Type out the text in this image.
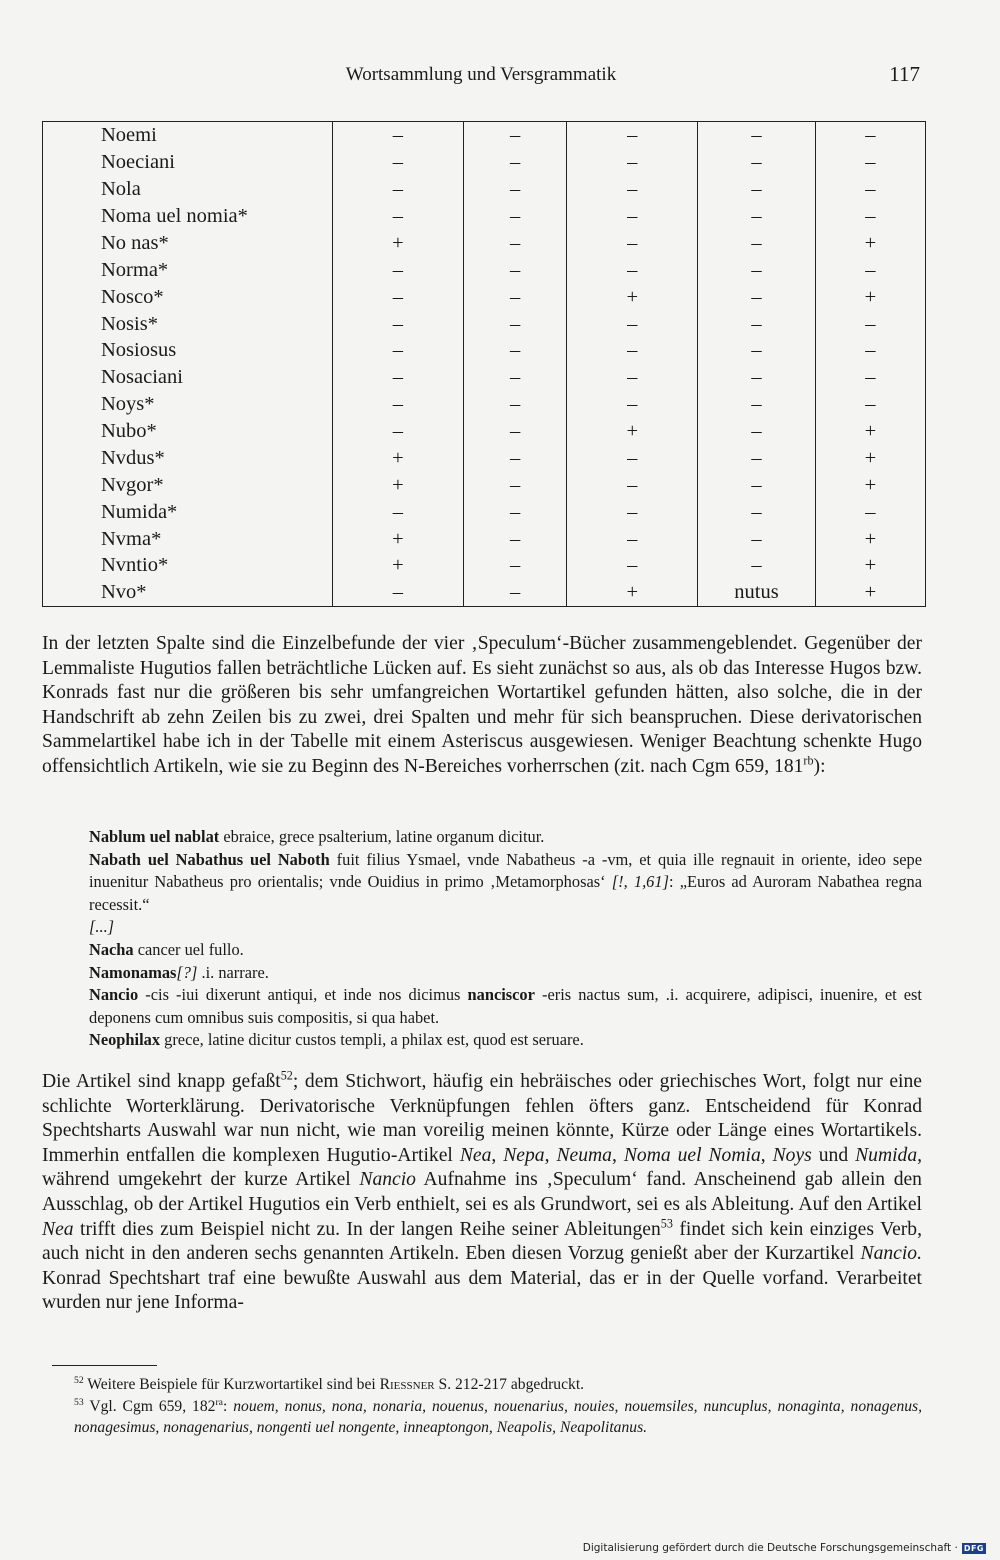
Wortsammlung und Versgrammatik	117
Noemi	–	–	–	–	–
Noeciani	–	–	–	–	–
Nola	–	–	–	–	–
Noma uel nomia*	–	–	–	–	–
No nas*	+	–	–	–	+
Norma*	–	–	–	–	–
Nosco*	–	–	+	–	+
Nosis*	–	–	–	–	–
Nosiosus	–	–	–	–	–
Nosaciani	–	–	–	–	–
Noys*	–	–	–	–	–
Nubo*	–	–	+	–	+
Nvdus*	+	–	–	–	+
Nvgor*	+	–	–	–	+
Numida*	–	–	–	–	–
Nvma*	+	–	–	–	+
Nvntio*	+	–	–	–	+
Nvo*	–	–	+	nutus	+

In der letzten Spalte sind die Einzelbefunde der vier ‚Speculum‘-Bücher zusammengeblendet. Gegenüber der Lemmaliste Hugutios fallen beträchtliche Lücken auf. Es sieht zunächst so aus, als ob das Interesse Hugos bzw. Konrads fast nur die größeren bis sehr umfangreichen Wortartikel gefunden hätten, also solche, die in der Handschrift ab zehn Zeilen bis zu zwei, drei Spalten und mehr für sich beanspruchen. Diese derivatorischen Sammelartikel habe ich in der Tabelle mit einem Asteriscus ausgewiesen. Weniger Beachtung schenkte Hugo offensichtlich Artikeln, wie sie zu Beginn des N-Bereiches vorherrschen (zit. nach Cgm 659, $181^{rb}$):

Nablum uel nablat ebraice, grece psalterium, latine organum dicitur.

Nabath uel Nabathus uel Naboth fuit filius Ysmael, vnde Nabatheus -a -vm, et quia ille regnauit in oriente, ideo sepe inuenitur Nabatheus pro orientalis; vnde Ouidius in primo ‚Metamorphosas‘ [!, 1,61]: „Euros ad Auroram Nabathea regna recessit.“

[...]

Nacha cancer uel fullo.

Namonamas[?] .i. narrare.

Nancio -cis -iui dixerunt antiqui, et inde nos dicimus nanciscor -eris nactus sum, .i. acquirere, adipisci, inuenire, et est deponens cum omnibus suis compositis, si qua habet.

Neophilax grece, latine dicitur custos templi, a philax est, quod est seruare.

Die Artikel sind knapp gefaßt$^{52}$; dem Stichwort, häufig ein hebräisches oder griechisches Wort, folgt nur eine schlichte Worterklärung. Derivatorische Verknüpfungen fehlen öfters ganz. Entscheidend für Konrad Spechtsharts Auswahl war nun nicht, wie man voreilig meinen könnte, Kürze oder Länge eines Wortartikels. Immerhin entfallen die komplexen Hugutio-Artikel Nea, Nepa, Neuma, Noma uel Nomia, Noys und Numida, während umgekehrt der kurze Artikel Nancio Aufnahme ins ‚Speculum‘ fand. Anscheinend gab allein den Ausschlag, ob der Artikel Hugutios ein Verb enthielt, sei es als Grundwort, sei es als Ableitung. Auf den Artikel Nea trifft dies zum Beispiel nicht zu. In der langen Reihe seiner Ableitungen$^{53}$ findet sich kein einziges Verb, auch nicht in den anderen sechs genannten Artikeln. Eben diesen Vorzug genießt aber der Kurzartikel Nancio. Konrad Spechtshart traf eine bewußte Auswahl aus dem Material, das er in der Quelle vorfand. Verarbeitet wurden nur jene Informa-

$^{52}$ Weitere Beispiele für Kurzwortartikel sind bei Riessner S. 212-217 abgedruckt.

$^{53}$ Vgl. Cgm 659, $182^{ra}$: nouem, nonus, nona, nonaria, nouenus, nouenarius, nouies, nouemsiles, nuncuplus, nonaginta, nonagenus, nonagesimus, nonagenarius, nongenti uel nongente, inneaptongon, Neapolis, Neapolitanus.

Digitalisierung gefördert durch die Deutsche Forschungsgemeinschaft · DFG
